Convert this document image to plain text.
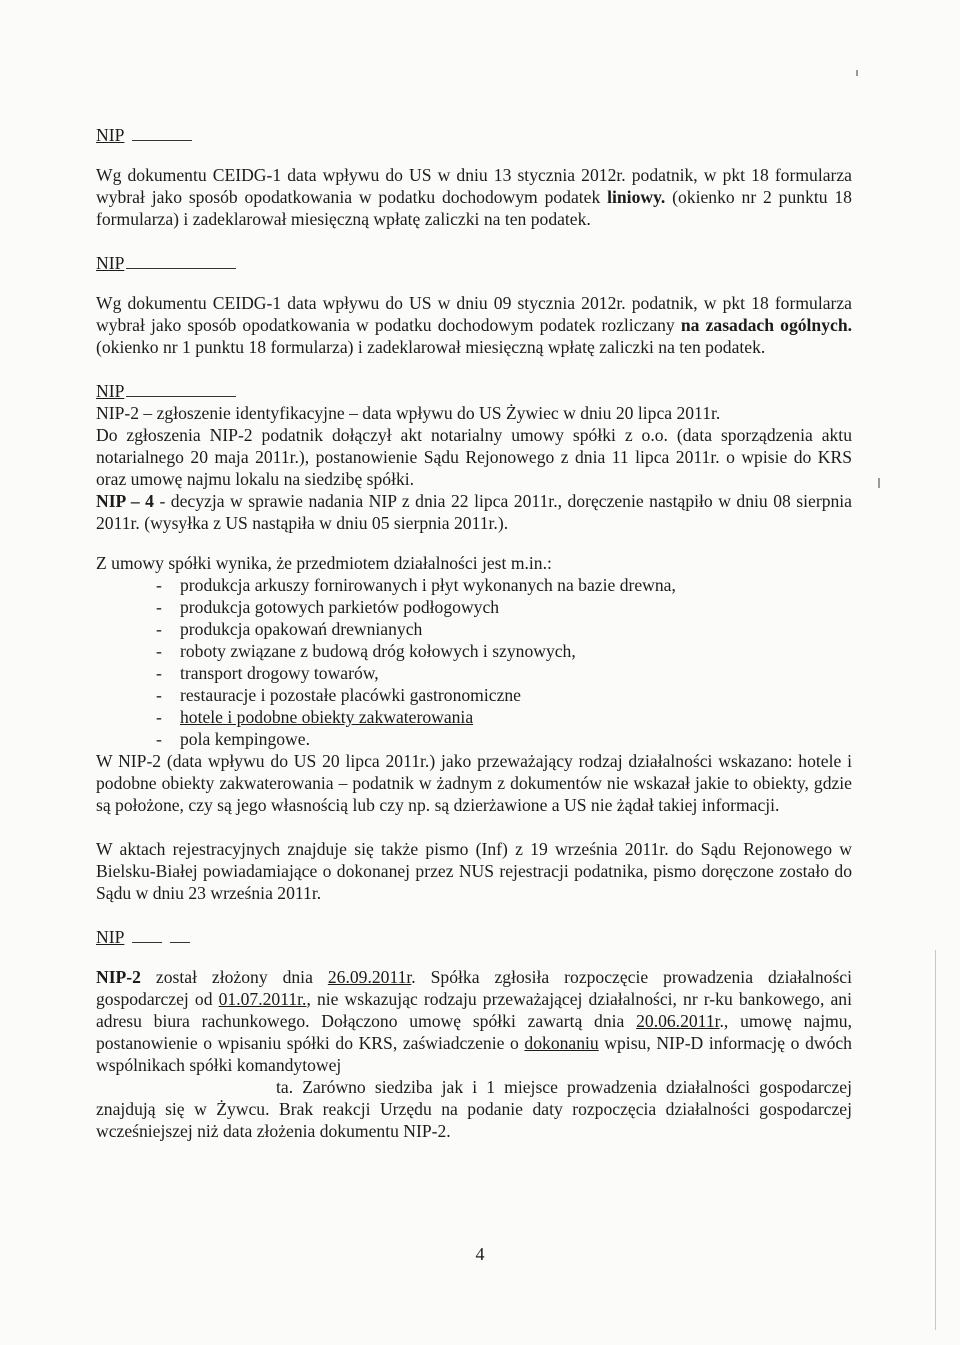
NIP

Wg dokumentu CEIDG-1 data wpływu do US w dniu 13 stycznia 2012r. podatnik, w pkt 18 formularza wybrał jako sposób opodatkowania w podatku dochodowym podatek liniowy. (okienko nr 2 punktu 18 formularza) i zadeklarował miesięczną wpłatę zaliczki na ten podatek.

NIP

Wg dokumentu CEIDG-1 data wpływu do US w dniu 09 stycznia 2012r. podatnik, w pkt 18 formularza wybrał jako sposób opodatkowania w podatku dochodowym podatek rozliczany na zasadach ogólnych. (okienko nr 1 punktu 18 formularza) i zadeklarował miesięczną wpłatę zaliczki na ten podatek.

NIP

NIP-2 – zgłoszenie identyfikacyjne – data wpływu do US Żywiec w dniu 20 lipca 2011r.

Do zgłoszenia NIP-2 podatnik dołączył akt notarialny umowy spółki z o.o. (data sporządzenia aktu notarialnego 20 maja 2011r.), postanowienie Sądu Rejonowego z dnia 11 lipca 2011r. o wpisie do KRS oraz umowę najmu lokalu na siedzibę spółki.

NIP – 4 - decyzja w sprawie nadania NIP z dnia 22 lipca 2011r., doręczenie nastąpiło w dniu 08 sierpnia 2011r. (wysyłka z US nastąpiła w dniu 05 sierpnia 2011r.).

Z umowy spółki wynika, że przedmiotem działalności jest m.in.:

- produkcja arkuszy fornirowanych i płyt wykonanych na bazie drewna,
- produkcja gotowych parkietów podłogowych
- produkcja opakowań drewnianych
- roboty związane z budową dróg kołowych i szynowych,
- transport drogowy towarów,
- restauracje i pozostałe placówki gastronomiczne
- hotele i podobne obiekty zakwaterowania
- pola kempingowe.

W NIP-2 (data wpływu do US 20 lipca 2011r.) jako przeważający rodzaj działalności wskazano: hotele i podobne obiekty zakwaterowania – podatnik w żadnym z dokumentów nie wskazał jakie to obiekty, gdzie są położone, czy są jego własnością lub czy np. są dzierżawione a US nie żądał takiej informacji.

W aktach rejestracyjnych znajduje się także pismo (Inf) z 19 września 2011r. do Sądu Rejonowego w Bielsku-Białej powiadamiające o dokonanej przez NUS rejestracji podatnika, pismo doręczone zostało do Sądu w dniu 23 września 2011r.

NIP

NIP-2 został złożony dnia 26.09.2011r. Spółka zgłosiła rozpoczęcie prowadzenia działalności gospodarczej od 01.07.2011r., nie wskazując rodzaju przeważającej działalności, nr r-ku bankowego, ani adresu biura rachunkowego. Dołączono umowę spółki zawartą dnia 20.06.2011r., umowę najmu, postanowienie o wpisaniu spółki do KRS, zaświadczenie o dokonaniu wpisu, NIP-D informację o dwóch wspólnikach spółki komandytowej
ta. Zarówno siedziba jak i 1 miejsce prowadzenia działalności gospodarczej znajdują się w Żywcu. Brak reakcji Urzędu na podanie daty rozpoczęcia działalności gospodarczej wcześniejszej niż data złożenia dokumentu NIP-2.

4
